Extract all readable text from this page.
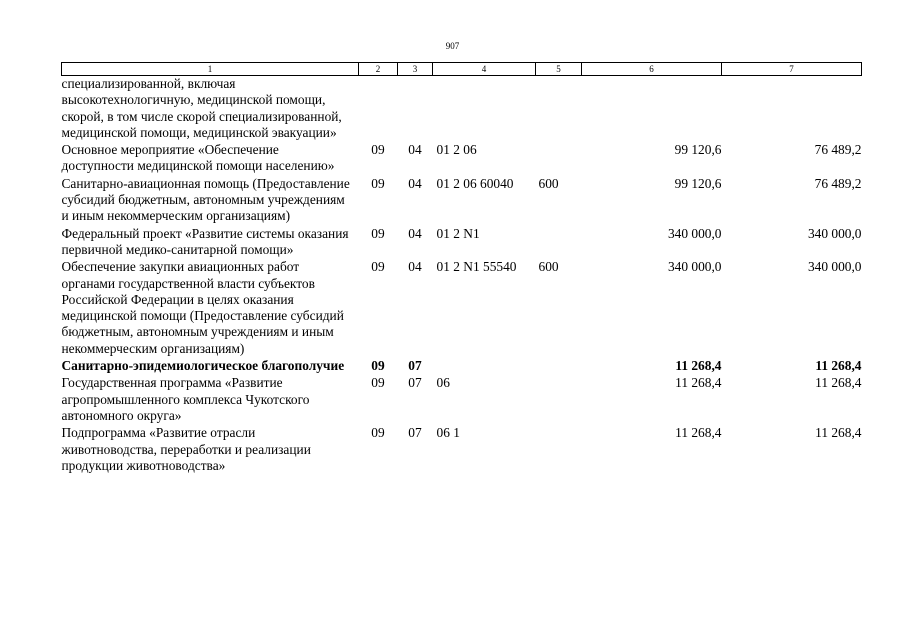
907
1	2	3	4	5	6	7
специализированной, включая высокотехнологичную, медицинской помощи, скорой, в том числе скорой специализированной, медицинской помощи, медицинской эвакуации»						
Основное мероприятие «Обеспечение доступности медицинской помощи населению»	09	04	01 2 06		99 120,6	76 489,2
Санитарно-авиационная помощь (Предоставление субсидий бюджетным, автономным учреждениям и иным некоммерческим организациям)	09	04	01 2 06 60040	600	99 120,6	76 489,2
Федеральный проект «Развитие системы оказания первичной медико-санитарной помощи»	09	04	01 2 N1		340 000,0	340 000,0
Обеспечение закупки авиационных работ органами государственной власти субъектов Российской Федерации в целях оказания медицинской помощи (Предоставление субсидий бюджетным, автономным учреждениям и иным некоммерческим организациям)	09	04	01 2 N1 55540	600	340 000,0	340 000,0
Санитарно-эпидемиологическое благополучие	09	07			11 268,4	11 268,4
Государственная программа «Развитие агропромышленного комплекса Чукотского автономного округа»	09	07	06		11 268,4	11 268,4
Подпрограмма «Развитие отрасли животноводства, переработки и реализации продукции животноводства»	09	07	06 1		11 268,4	11 268,4
